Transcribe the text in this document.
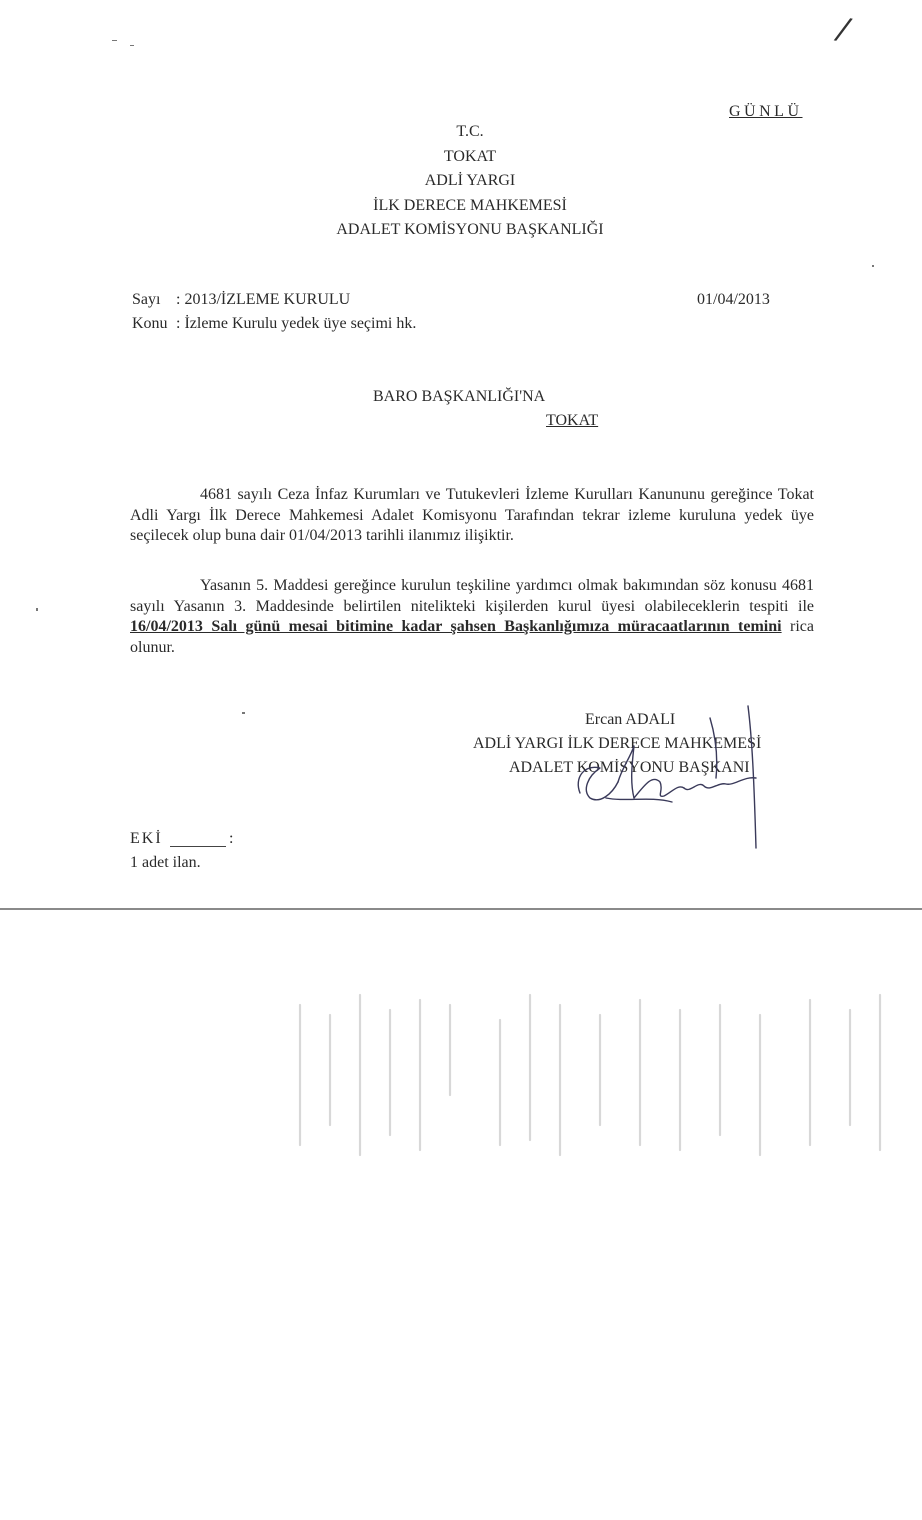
/
GÜNLÜ
T.C.
TOKAT
ADLİ YARGI
İLK DERECE MAHKEMESİ
ADALET KOMİSYONU BAŞKANLIĞI
Sayı : 2013/İZLEME KURULU	01/04/2013
Konu : İzleme Kurulu yedek üye seçimi hk.
BARO BAŞKANLIĞI'NA
TOKAT
4681 sayılı Ceza İnfaz Kurumları ve Tutukevleri İzleme Kurulları Kanununu gereğince Tokat Adli Yargı İlk Derece Mahkemesi Adalet Komisyonu Tarafından tekrar izleme kuruluna yedek üye seçilecek olup buna dair 01/04/2013 tarihli ilanımız ilişiktir.
Yasanın 5. Maddesi gereğince kurulun teşkiline yardımcı olmak bakımından söz konusu 4681 sayılı Yasanın 3. Maddesinde belirtilen nitelikteki kişilerden kurul üyesi olabileceklerin tespiti ile 16/04/2013 Salı günü mesai bitimine kadar şahsen Başkanlığımıza müracaatlarının temini rica olunur.
Ercan ADALI
ADLİ YARGI İLK DERECE MAHKEMESİ
ADALET KOMİSYONU BAŞKANI
EKİ	:
1 adet ilan.
